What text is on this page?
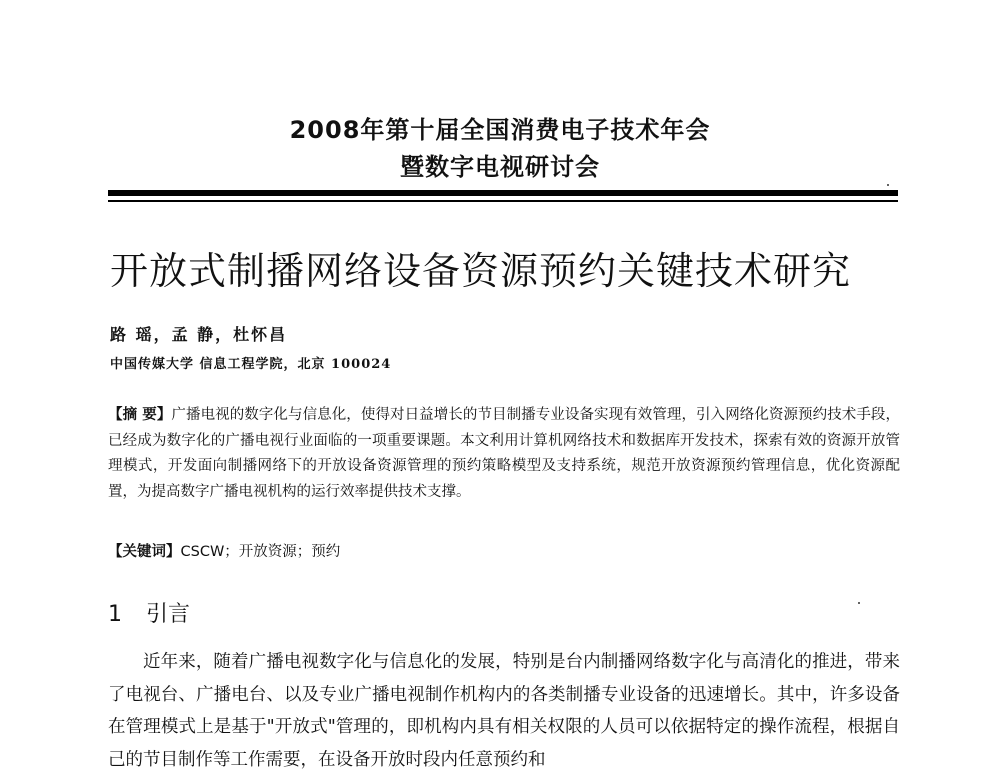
2008年第十届全国消费电子技术年会
暨数字电视研讨会
开放式制播网络设备资源预约关键技术研究
路 瑶，孟 静，杜怀昌
中国传媒大学 信息工程学院，北京 100024

【摘 要】广播电视的数字化与信息化，使得对日益增长的节目制播专业设备实现有效管理，引入网络化资源预约技术手段，已经成为数字化的广播电视行业面临的一项重要课题。本文利用计算机网络技术和数据库开发技术，探索有效的资源开放管理模式，开发面向制播网络下的开放设备资源管理的预约策略模型及支持系统，规范开放资源预约管理信息，优化资源配置，为提高数字广播电视机构的运行效率提供技术支撑。

【关键词】CSCW；开放资源；预约
1 引言

近年来，随着广播电视数字化与信息化的发展，特别是台内制播网络数字化与高清化的推进，带来了电视台、广播电台、以及专业广播电视制作机构内的各类制播专业设备的迅速增长。其中，许多设备在管理模式上是基于"开放式"管理的，即机构内具有相关权限的人员可以依据特定的操作流程，根据自己的节目制作等工作需要，在设备开放时段内任意预约和
